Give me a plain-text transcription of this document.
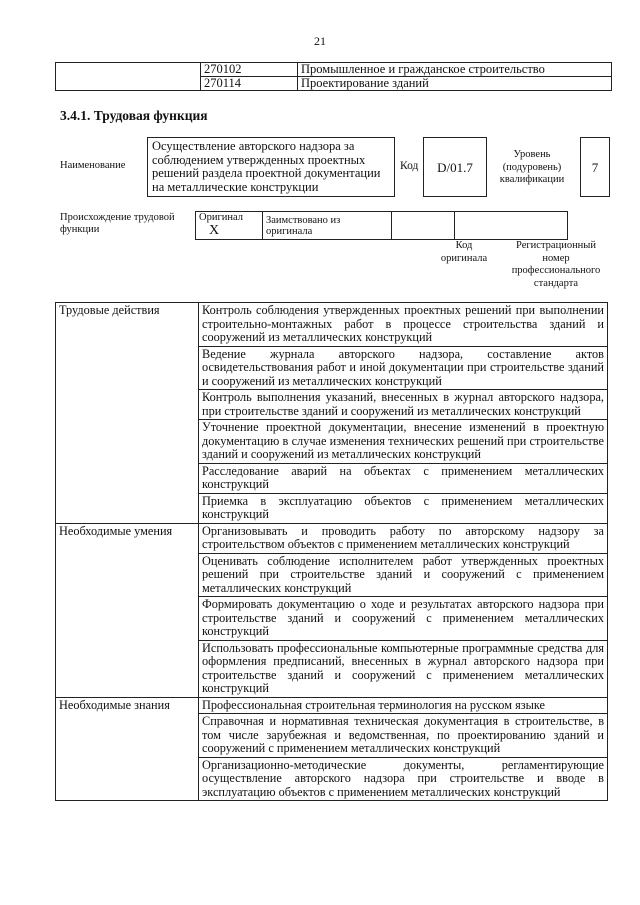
21
	270102	Промышленное и гражданское строительство
	270114	Проектирование зданий
3.4.1. Трудовая функция
Наименование
Осуществление авторского надзора за соблюдением утвержденных проектных решений раздела проектной документации на металлические конструкции
Код	D/01.7
Уровень (подуровень) квалификации
7
Происхождение трудовой функции
Оригинал X	Заимствовано из оригинала		
Код оригинала
Регистрационный номер профессионального стандарта
Трудовые действия	Контроль соблюдения утвержденных проектных решений при выполнении строительно-монтажных работ в процессе строительства зданий и сооружений из металлических конструкций
	Ведение журнала авторского надзора, составление актов освидетельствования работ и иной документации при строительстве зданий и сооружений из металлических конструкций
	Контроль выполнения указаний, внесенных в журнал авторского надзора, при строительстве зданий и сооружений из металлических конструкций
	Уточнение проектной документации, внесение изменений в проектную документацию в случае изменения технических решений при строительстве зданий и сооружений из металлических конструкций
	Расследование аварий на объектах с применением металлических конструкций
	Приемка в эксплуатацию объектов с применением металлических конструкций
Необходимые умения	Организовывать и проводить работу по авторскому надзору за строительством объектов с применением металлических конструкций
	Оценивать соблюдение исполнителем работ утвержденных проектных решений при строительстве зданий и сооружений с применением металлических конструкций
	Формировать документацию о ходе и результатах авторского надзора при строительстве зданий и сооружений с применением металлических конструкций
	Использовать профессиональные компьютерные программные средства для оформления предписаний, внесенных в журнал авторского надзора при строительстве зданий и сооружений с применением металлических конструкций
Необходимые знания	Профессиональная строительная терминология на русском языке
	Справочная и нормативная техническая документация в строительстве, в том числе зарубежная и ведомственная, по проектированию зданий и сооружений с применением металлических конструкций
	Организационно-методические документы, регламентирующие осуществление авторского надзора при строительстве и вводе в эксплуатацию объектов с применением металлических конструкций
